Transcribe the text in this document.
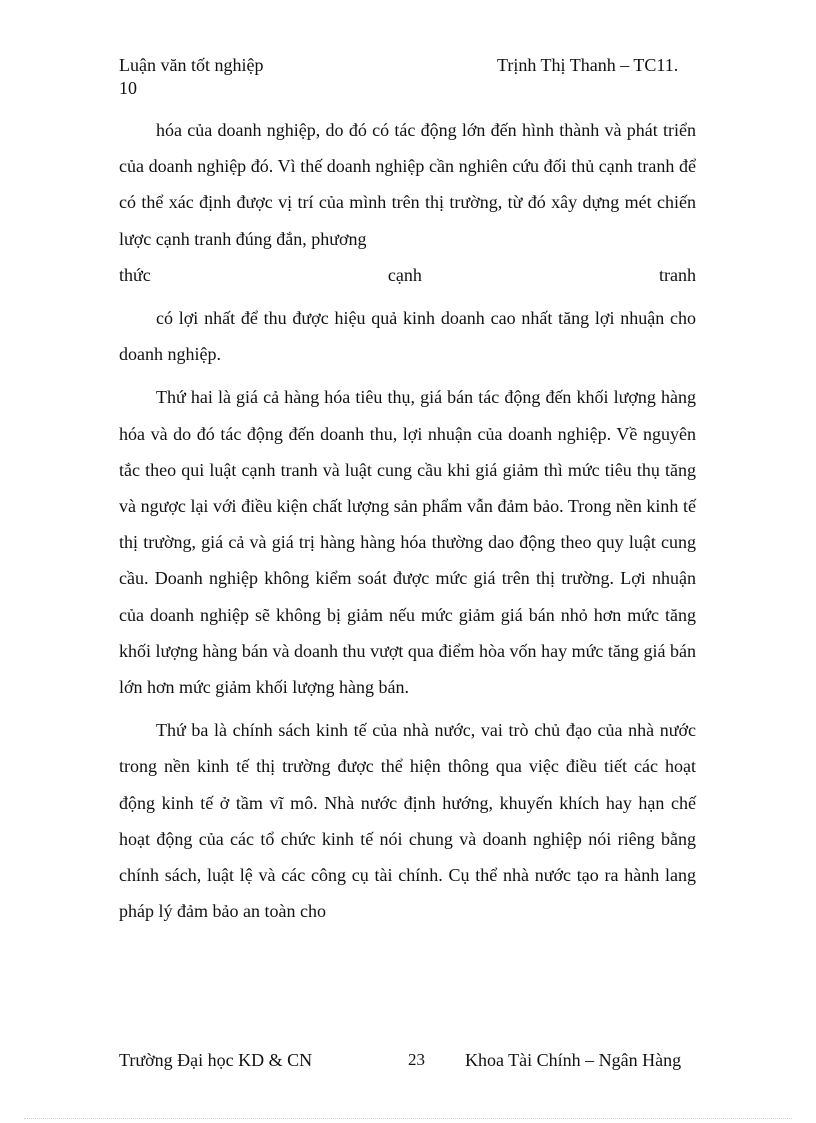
Luận văn tốt nghiệp	Trịnh Thị Thanh – TC11.
10

hóa của doanh nghiệp, do đó có tác động lớn đến hình thành và phát triển của doanh nghiệp đó. Vì thế doanh nghiệp cần nghiên cứu đối thủ cạnh tranh để có thể xác định được vị trí của mình trên thị trường, từ đó xây dựng mét chiến lược cạnh tranh đúng đắn, phương

thức	cạnh	tranh

có lợi nhất để thu được hiệu quả kinh doanh cao nhất tăng lợi nhuận cho doanh nghiệp.

Thứ hai là giá cả hàng hóa tiêu thụ, giá bán tác động đến khối lượng hàng hóa và do đó tác động đến doanh thu, lợi nhuận của doanh nghiệp. Về nguyên tắc theo qui luật cạnh tranh và luật cung cầu khi giá giảm thì mức tiêu thụ tăng và ngược lại với điều kiện chất lượng sản phẩm vẫn đảm bảo. Trong nền kinh tế thị trường, giá cả và giá trị hàng hàng hóa thường dao động theo quy luật cung cầu. Doanh nghiệp không kiểm soát được mức giá trên thị trường. Lợi nhuận của doanh nghiệp sẽ không bị giảm nếu mức giảm giá bán nhỏ hơn mức tăng khối lượng hàng bán và doanh thu vượt qua điểm hòa vốn hay mức tăng giá bán lớn hơn mức giảm khối lượng hàng bán.

Thứ ba là chính sách kinh tế của nhà nước, vai trò chủ đạo của nhà nước trong nền kinh tế thị trường được thể hiện thông qua việc điều tiết các hoạt động kinh tế ở tầm vĩ mô. Nhà nước định hướng, khuyến khích hay hạn chế hoạt động của các tổ chức kinh tế nói chung và doanh nghiệp nói riêng bằng chính sách, luật lệ và các công cụ tài chính. Cụ thể nhà nước tạo ra hành lang pháp lý đảm bảo an toàn cho

Trường Đại học KD & CN	23 Khoa Tài Chính – Ngân Hàng
